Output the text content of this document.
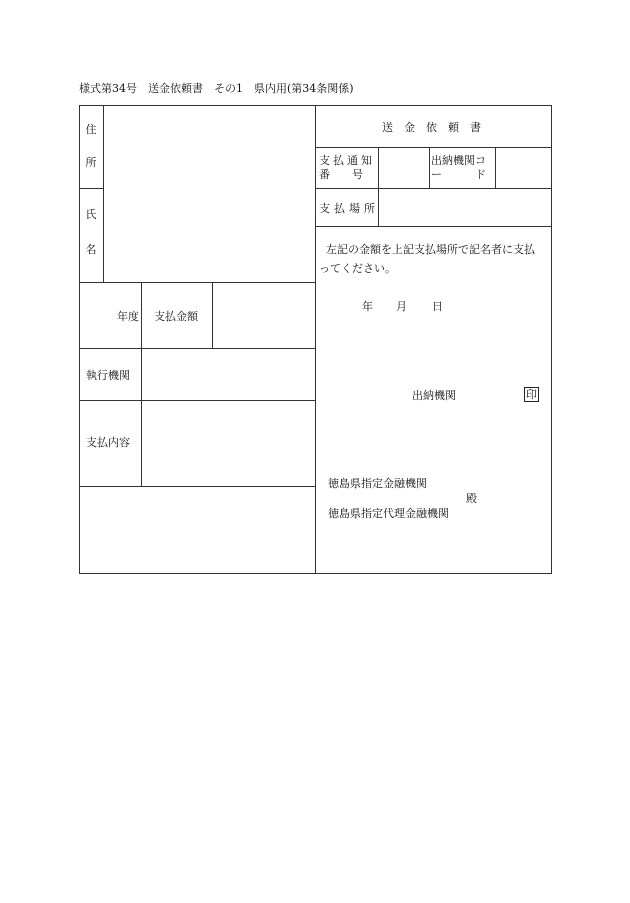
様式第34号　送金依頼書　その1　県内用(第34条関係)
住
所
氏
名
年度 支払金額
執行機関
支払内容
送　金　依　頼　書
支払通知
番　　号
出納機関コ
ー　　　ド
支払場所
左記の金額を上記支払場所で記名者に支払
ってください。
年 月 日
出納機関	印
徳島県指定金融機関
殿
徳島県指定代理金融機関
